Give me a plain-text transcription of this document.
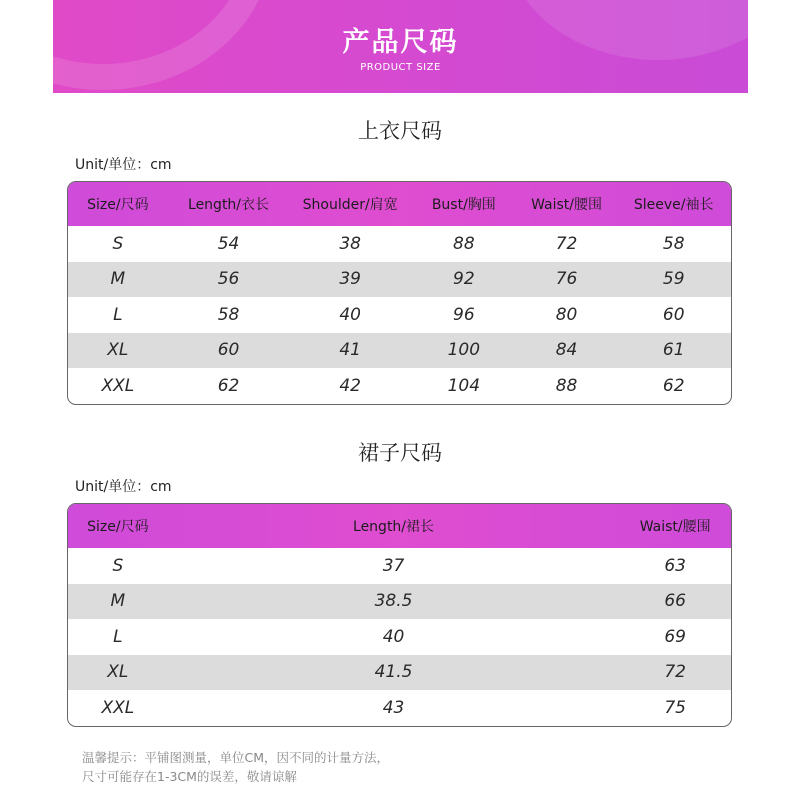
产品尺码
PRODUCT SIZE
上衣尺码
Unit/单位：cm
Size/尺码	Length/衣长	Shoulder/肩宽	Bust/胸围	Waist/腰围	Sleeve/袖长
S	54	38	88	72	58
M	56	39	92	76	59
L	58	40	96	80	60
XL	60	41	100	84	61
XXL	62	42	104	88	62
裙子尺码
Unit/单位：cm
Size/尺码	Length/裙长	Waist/腰围
S	37	63
M	38.5	66
L	40	69
XL	41.5	72
XXL	43	75
温馨提示：平铺图测量，单位CM，因不同的计量方法，
尺寸可能存在1-3CM的误差，敬请谅解
